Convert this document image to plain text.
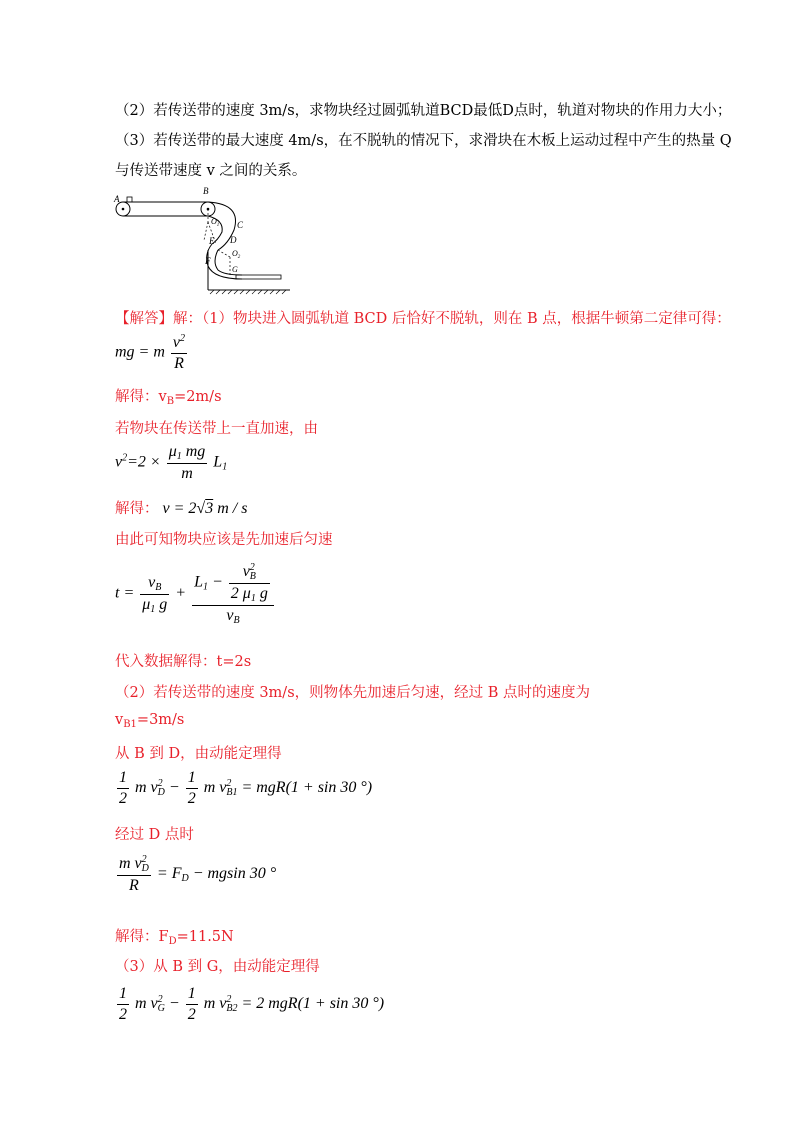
（2）若传送带的速度 3m/s，求物块经过圆弧轨道BCD最低D点时，轨道对物块的作用力大小；
（3）若传送带的最大速度 4m/s，在不脱轨的情况下，求滑块在木板上运动过程中产生的热量 Q
与传送带速度 v 之间的关系。
A
B
C
$O_1$
E D
$O_2$
F
G
【解答】解：（1）物块进入圆弧轨道 BCD 后恰好不脱轨，则在 B 点，根据牛顿第二定律可得：
mg = m $\frac{v^2}{R}$
解得：$v_B=2m/s$
若物块在传送带上一直加速，由
$v^2=2 \times \frac{\mu_1 mg}{m} L_1$
解得： v = 2√3 m / s
由此可知物块应该是先加速后匀速
$t = \frac{v_B}{\mu_1 g} + \frac{L_1 - \frac{v^2_B}{2 \mu_1 g}}{v_B}$
代入数据解得：t=2s
（2）若传送带的速度 3m/s，则物体先加速后匀速，经过 B 点时的速度为
$v_{B1}=3m/s$
从 B 到 D，由动能定理得
$\frac{1}{2}$ m $v^2_D - \frac{1}{2}$ m $v^2_{B1} = mgR(1 + \sin 30$ °)
经过 D 点时
$\frac{m v^2_D}{R} = F_D - mgsin$ 30 °
解得：$F_D=11.5N$
（3）从 B 到 G，由动能定理得
$\frac{1}{2}$ m $v^2_G - \frac{1}{2}$ m $v^2_{B2} = 2$ mgR(1 + sin 30 °)
